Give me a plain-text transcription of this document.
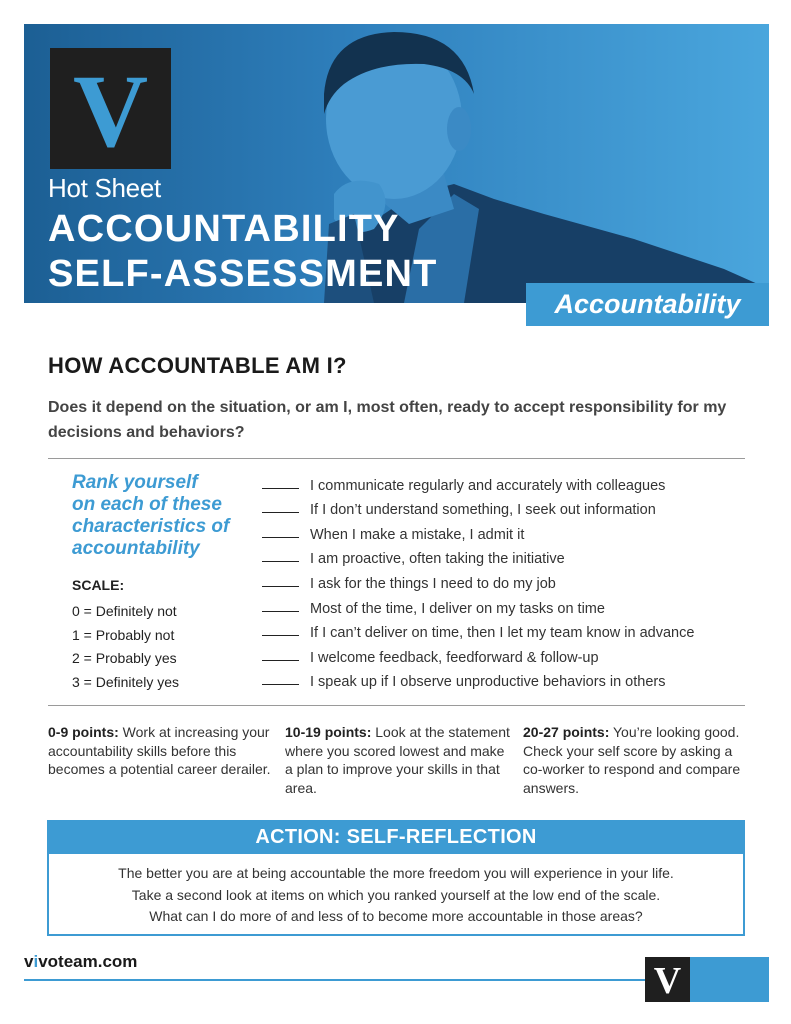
V
Hot Sheet
ACCOUNTABILITY
SELF-ASSESSMENT
Accountability
HOW ACCOUNTABLE AM I?
Does it depend on the situation, or am I, most often, ready to accept responsibility for my decisions and behaviors?
Rank yourself
on each of these
characteristics of
accountability
SCALE:
0 = Definitely not
1 = Probably not
2 = Probably yes
3 = Definitely yes
I communicate regularly and accurately with colleagues
If I don’t understand something, I seek out information
When I make a mistake, I admit it
I am proactive, often taking the initiative
I ask for the things I need to do my job
Most of the time, I deliver on my tasks on time
If I can’t deliver on time, then I let my team know in advance
I welcome feedback, feedforward & follow-up
I speak up if I observe unproductive behaviors in others
0-9 points: Work at increasing your accountability skills before this becomes a potential career derailer.
10-19 points: Look at the statement where you scored lowest and make a plan to improve your skills in that area.
20-27 points: You’re looking good. Check your self score by asking a co-worker to respond and compare answers.
ACTION: SELF-REFLECTION
The better you are at being accountable the more freedom you will experience in your life.
Take a second look at items on which you ranked yourself at the low end of the scale.
What can I do more of and less of to become more accountable in those areas?
vivoteam.com	V
